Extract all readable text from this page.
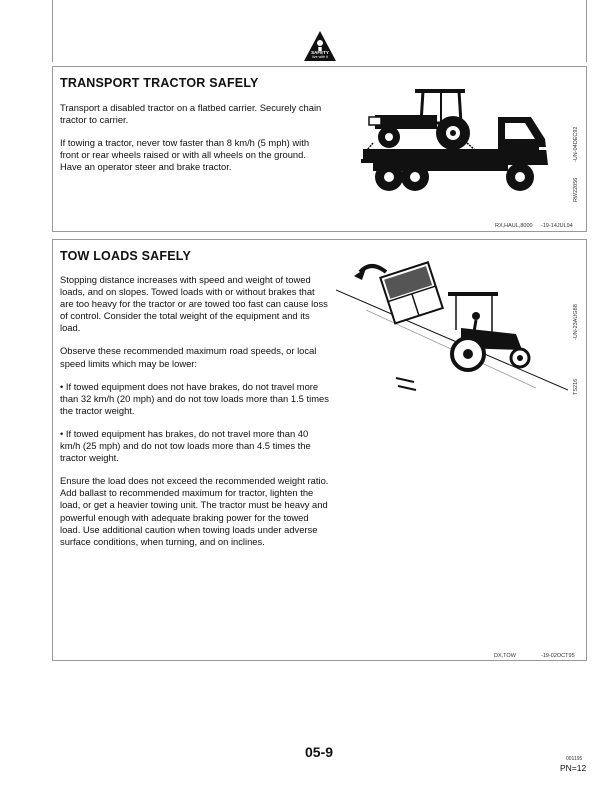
SAFETY
live with it
TRANSPORT TRACTOR SAFELY

Transport a disabled tractor on a flatbed carrier. Securely chain tractor to carrier.

If towing a tractor, never tow faster than 8 km/h (5 mph) with front or rear wheels raised or with all wheels on the ground. Have an operator steer and brake tractor.

RW22056
-UN-04DEC92
RX,HAUL,8000 -19-14JUL94
TOW LOADS SAFELY

Stopping distance increases with speed and weight of towed loads, and on slopes. Towed loads with or without brakes that are too heavy for the tractor or are towed too fast can cause loss of control. Consider the total weight of the equipment and its load.

Observe these recommended maximum road speeds, or local speed limits which may be lower:

• If towed equipment does not have brakes, do not travel more than 32 km/h (20 mph) and do not tow loads more than 1.5 times the tractor weight.

• If towed equipment has brakes, do not travel more than 40 km/h (25 mph) and do not tow loads more than 4.5 times the tractor weight.

Ensure the load does not exceed the recommended weight ratio. Add ballast to recommended maximum for tractor, lighten the load, or get a heavier towing unit. The tractor must be heavy and powerful enough with adequate braking power for the towed load. Use additional caution when towing loads under adverse surface conditions, when turning, and on inclines.

TS216
-UN-23AUG88
DX,TOW	-19-02OCT95
05-9	001195
PN=12
